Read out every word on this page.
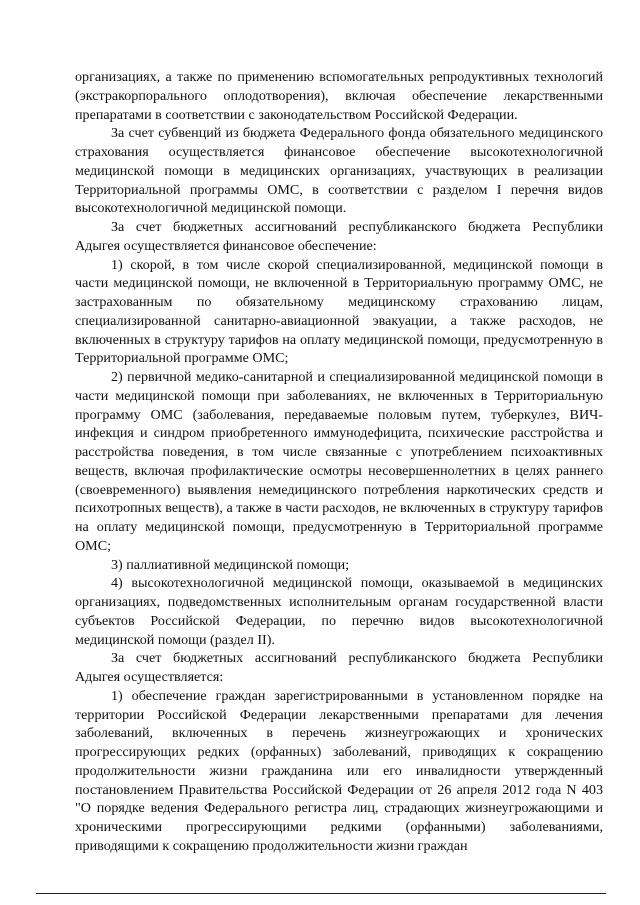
организациях, а также по применению вспомогательных репродуктивных технологий (экстракорпорального оплодотворения), включая обеспечение лекарственными препаратами в соответствии с законодательством Российской Федерации.

За счет субвенций из бюджета Федерального фонда обязательного медицинского страхования осуществляется финансовое обеспечение высокотехнологичной медицинской помощи в медицинских организациях, участвующих в реализации Территориальной программы ОМС, в соответствии с разделом I перечня видов высокотехнологичной медицинской помощи.

За счет бюджетных ассигнований республиканского бюджета Республики Адыгея осуществляется финансовое обеспечение:

1) скорой, в том числе скорой специализированной, медицинской помощи в части медицинской помощи, не включенной в Территориальную программу ОМС, не застрахованным по обязательному медицинскому страхованию лицам, специализированной санитарно-авиационной эвакуации, а также расходов, не включенных в структуру тарифов на оплату медицинской помощи, предусмотренную в Территориальной программе ОМС;

2) первичной медико-санитарной и специализированной медицинской помощи в части медицинской помощи при заболеваниях, не включенных в Территориальную программу ОМС (заболевания, передаваемые половым путем, туберкулез, ВИЧ-инфекция и синдром приобретенного иммунодефицита, психические расстройства и расстройства поведения, в том числе связанные с употреблением психоактивных веществ, включая профилактические осмотры несовершеннолетних в целях раннего (своевременного) выявления немедицинского потребления наркотических средств и психотропных веществ), а также в части расходов, не включенных в структуру тарифов на оплату медицинской помощи, предусмотренную в Территориальной программе ОМС;

3) паллиативной медицинской помощи;

4) высокотехнологичной медицинской помощи, оказываемой в медицинских организациях, подведомственных исполнительным органам государственной власти субъектов Российской Федерации, по перечню видов высокотехнологичной медицинской помощи (раздел II).

За счет бюджетных ассигнований республиканского бюджета Республики Адыгея осуществляется:

1) обеспечение граждан зарегистрированными в установленном порядке на территории Российской Федерации лекарственными препаратами для лечения заболеваний, включенных в перечень жизнеугрожающих и хронических прогрессирующих редких (орфанных) заболеваний, приводящих к сокращению продолжительности жизни гражданина или его инвалидности утвержденный постановлением Правительства Российской Федерации от 26 апреля 2012 года N 403 "О порядке ведения Федерального регистра лиц, страдающих жизнеугрожающими и хроническими прогрессирующими редкими (орфанными) заболеваниями, приводящими к сокращению продолжительности жизни граждан
